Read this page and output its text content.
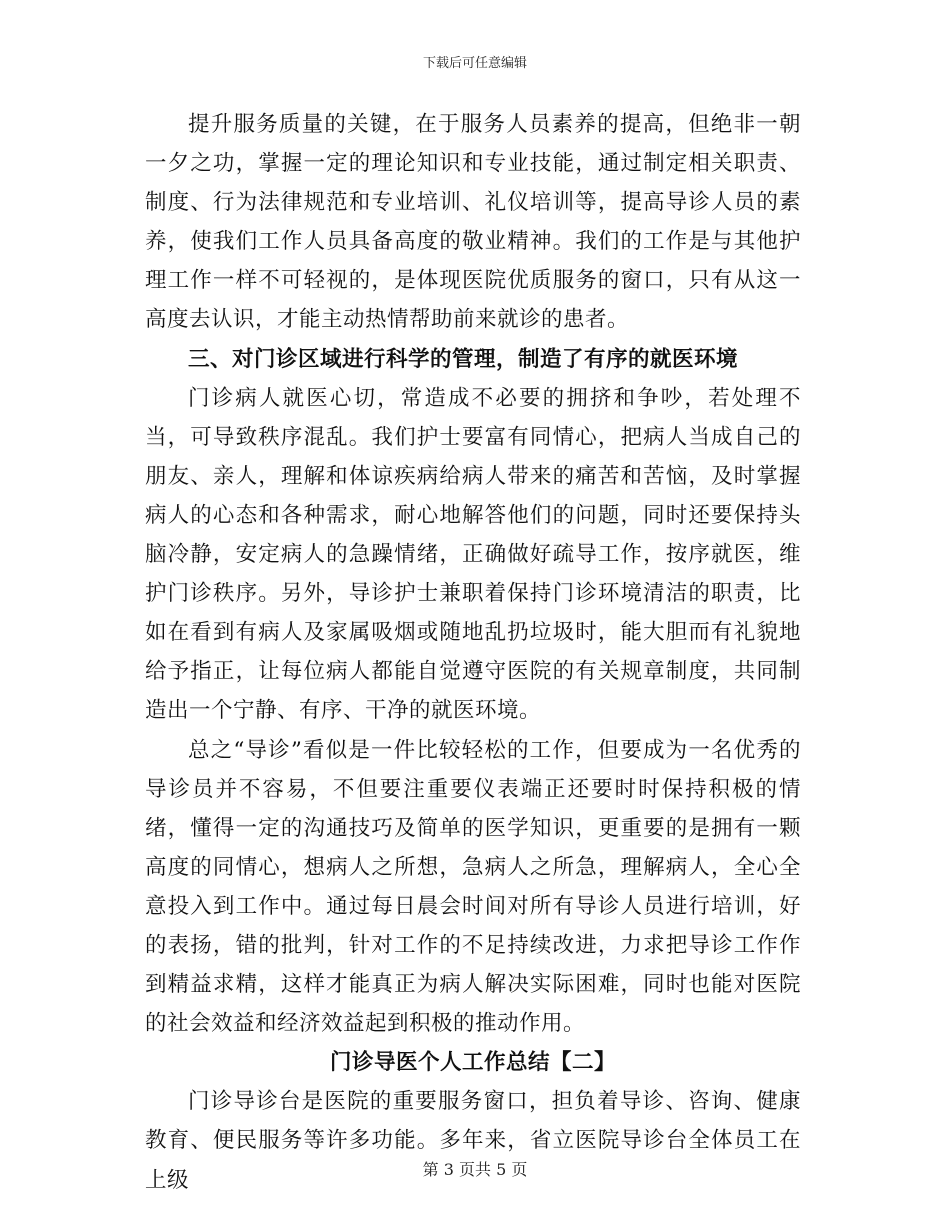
下载后可任意编辑

提升服务质量的关键，在于服务人员素养的提高，但绝非一朝一夕之功，掌握一定的理论知识和专业技能，通过制定相关职责、制度、行为法律规范和专业培训、礼仪培训等，提高导诊人员的素养，使我们工作人员具备高度的敬业精神。我们的工作是与其他护理工作一样不可轻视的，是体现医院优质服务的窗口，只有从这一高度去认识，才能主动热情帮助前来就诊的患者。

三、对门诊区域进行科学的管理，制造了有序的就医环境

门诊病人就医心切，常造成不必要的拥挤和争吵，若处理不当，可导致秩序混乱。我们护士要富有同情心，把病人当成自己的朋友、亲人，理解和体谅疾病给病人带来的痛苦和苦恼，及时掌握病人的心态和各种需求，耐心地解答他们的问题，同时还要保持头脑冷静，安定病人的急躁情绪，正确做好疏导工作，按序就医，维护门诊秩序。另外，导诊护士兼职着保持门诊环境清洁的职责，比如在看到有病人及家属吸烟或随地乱扔垃圾时，能大胆而有礼貌地给予指正，让每位病人都能自觉遵守医院的有关规章制度，共同制造出一个宁静、有序、干净的就医环境。

总之“导诊”看似是一件比较轻松的工作，但要成为一名优秀的导诊员并不容易，不但要注重要仪表端正还要时时保持积极的情绪，懂得一定的沟通技巧及简单的医学知识，更重要的是拥有一颗高度的同情心，想病人之所想，急病人之所急，理解病人，全心全意投入到工作中。通过每日晨会时间对所有导诊人员进行培训，好的表扬，错的批判，针对工作的不足持续改进，力求把导诊工作作到精益求精，这样才能真正为病人解决实际困难，同时也能对医院的社会效益和经济效益起到积极的推动作用。

门诊导医个人工作总结【二】

门诊导诊台是医院的重要服务窗口，担负着导诊、咨询、健康教育、便民服务等许多功能。多年来，省立医院导诊台全体员工在上级	第 3 页共 5 页
